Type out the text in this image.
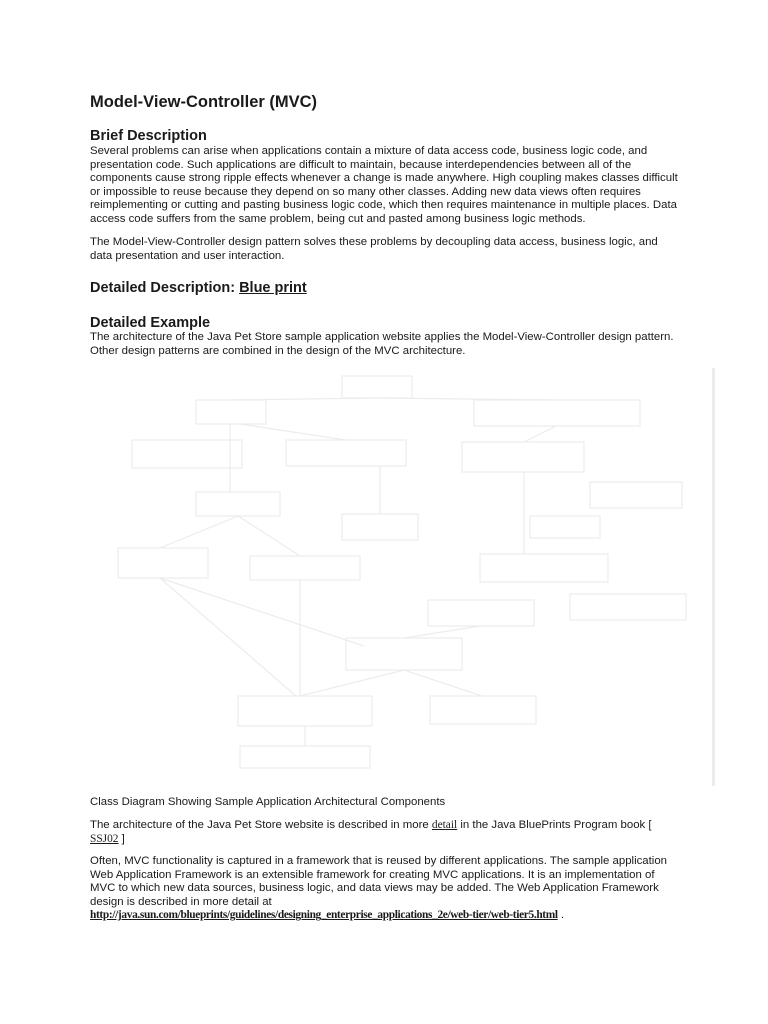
Model-View-Controller (MVC)
Brief Description
Several problems can arise when applications contain a mixture of data access code, business logic code, and presentation code. Such applications are difficult to maintain, because interdependencies between all of the components cause strong ripple effects whenever a change is made anywhere. High coupling makes classes difficult or impossible to reuse because they depend on so many other classes. Adding new data views often requires reimplementing or cutting and pasting business logic code, which then requires maintenance in multiple places. Data access code suffers from the same problem, being cut and pasted among business logic methods.
The Model-View-Controller design pattern solves these problems by decoupling data access, business logic, and data presentation and user interaction.
Detailed Description: Blue print
Detailed Example
The architecture of the Java Pet Store sample application website applies the Model-View-Controller design pattern. Other design patterns are combined in the design of the MVC architecture.
Class Diagram Showing Sample Application Architectural Components
The architecture of the Java Pet Store website is described in more detail in the Java BluePrints Program book [
SSJ02 ]
Often, MVC functionality is captured in a framework that is reused by different applications. The sample application Web Application Framework is an extensible framework for creating MVC applications. It is an implementation of MVC to which new data sources, business logic, and data views may be added. The Web Application Framework design is described in more detail at
http://java.sun.com/blueprints/guidelines/designing_enterprise_applications_2e/web-tier/web-tier5.html .
